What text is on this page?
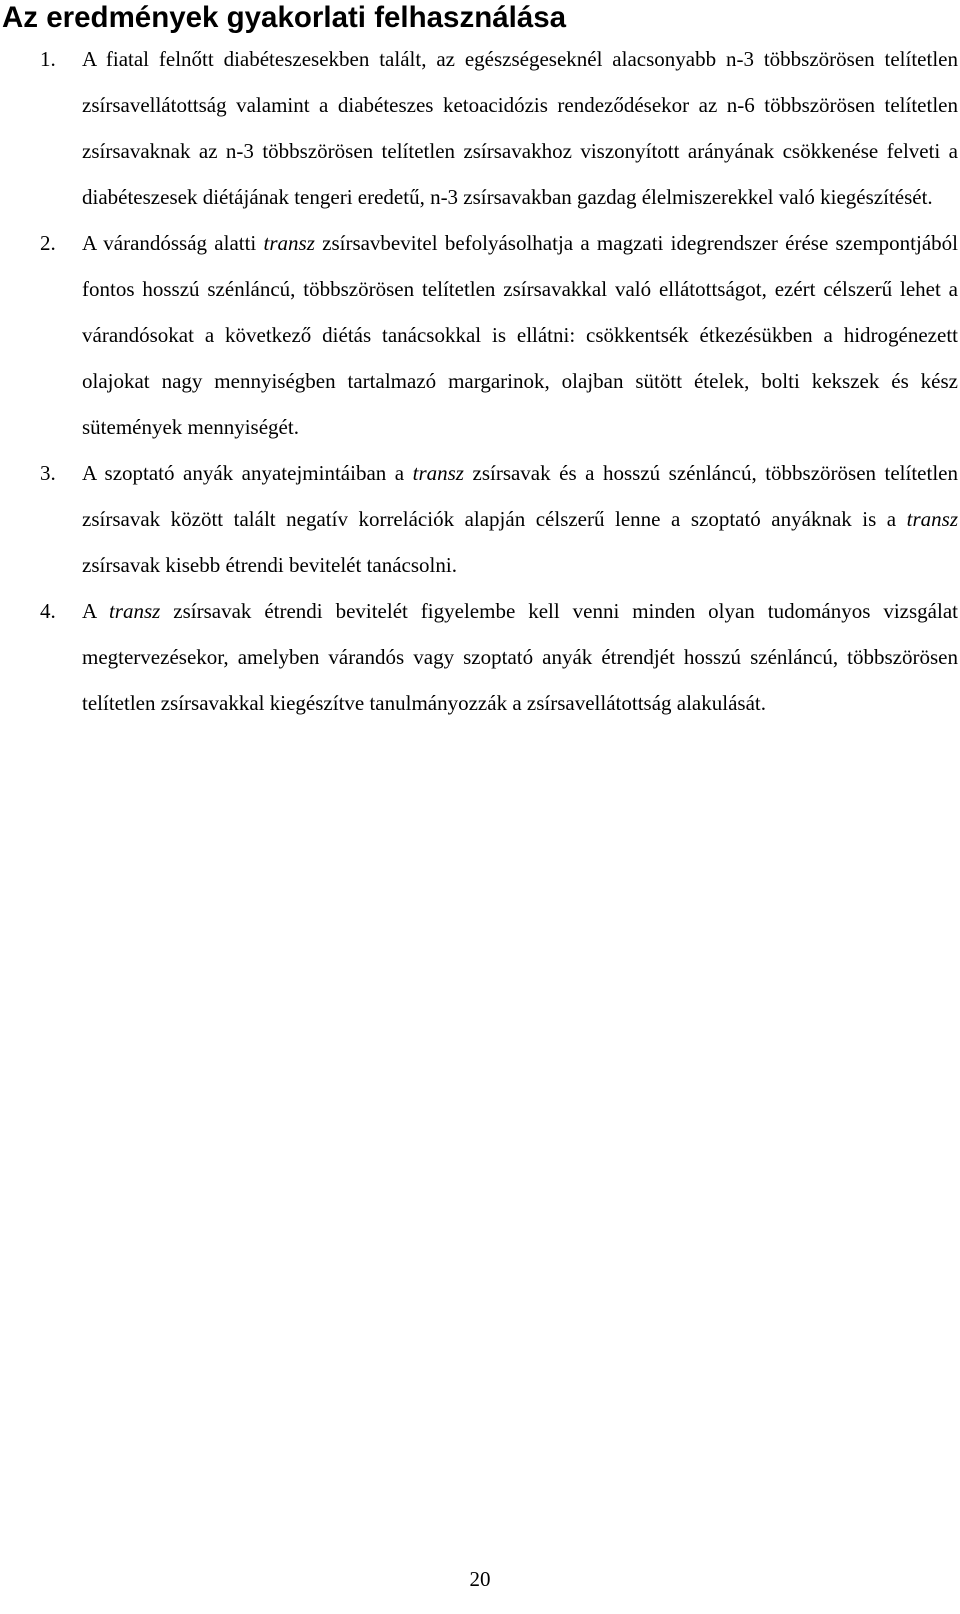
Az eredmények gyakorlati felhasználása
1.	A fiatal felnőtt diabéteszesekben talált, az egészségeseknél alacsonyabb n-3 többszörösen telítetlen zsírsavellátottság valamint a diabéteszes ketoacidózis rendeződésekor az n-6 többszörösen telítetlen zsírsavaknak az n-3 többszörösen telítetlen zsírsavakhoz viszonyított arányának csökkenése felveti a diabéteszesek diétájának tengeri eredetű, n-3 zsírsavakban gazdag élelmiszerekkel való kiegészítését.
2.	A várandósság alatti transz zsírsavbevitel befolyásolhatja a magzati idegrendszer érése szempontjából fontos hosszú szénláncú, többszörösen telítetlen zsírsavakkal való ellátottságot, ezért célszerű lehet a várandósokat a következő diétás tanácsokkal is ellátni: csökkentsék étkezésükben a hidrogénezett olajokat nagy mennyiségben tartalmazó margarinok, olajban sütött ételek, bolti kekszek és kész sütemények mennyiségét.
3.	A szoptató anyák anyatejmintáiban a transz zsírsavak és a hosszú szénláncú, többszörösen telítetlen zsírsavak között talált negatív korrelációk alapján célszerű lenne a szoptató anyáknak is a transz zsírsavak kisebb étrendi bevitelét tanácsolni.
4.	A transz zsírsavak étrendi bevitelét figyelembe kell venni minden olyan tudományos vizsgálat megtervezésekor, amelyben várandós vagy szoptató anyák étrendjét hosszú szénláncú, többszörösen telítetlen zsírsavakkal kiegészítve tanulmányozzák a zsírsavellátottság alakulását.
20
